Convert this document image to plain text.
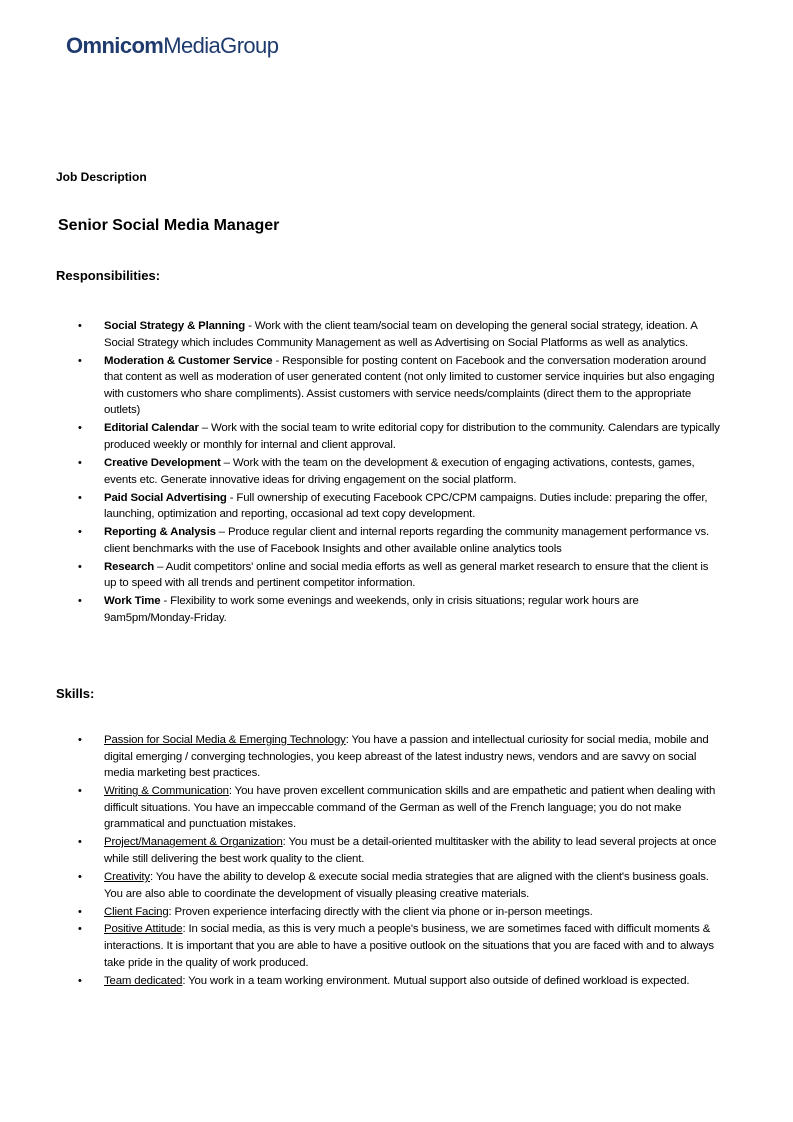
OmnicomMediaGroup
Job Description
Senior Social Media Manager
Responsibilities:
• Social Strategy & Planning - Work with the client team/social team on developing the general social strategy, ideation. A Social Strategy which includes Community Management as well as Advertising on Social Platforms as well as analytics.
• Moderation & Customer Service - Responsible for posting content on Facebook and the conversation moderation around that content as well as moderation of user generated content (not only limited to customer service inquiries but also engaging with customers who share compliments). Assist customers with service needs/complaints (direct them to the appropriate outlets)
• Editorial Calendar – Work with the social team to write editorial copy for distribution to the community. Calendars are typically produced weekly or monthly for internal and client approval.
• Creative Development – Work with the team on the development & execution of engaging activations, contests, games, events etc. Generate innovative ideas for driving engagement on the social platform.
• Paid Social Advertising - Full ownership of executing Facebook CPC/CPM campaigns. Duties include: preparing the offer, launching, optimization and reporting, occasional ad text copy development.
• Reporting & Analysis – Produce regular client and internal reports regarding the community management performance vs. client benchmarks with the use of Facebook Insights and other available online analytics tools
• Research – Audit competitors' online and social media efforts as well as general market research to ensure that the client is up to speed with all trends and pertinent competitor information.
• Work Time - Flexibility to work some evenings and weekends, only in crisis situations; regular work hours are 9am5pm/Monday-Friday.
Skills:
• Passion for Social Media & Emerging Technology: You have a passion and intellectual curiosity for social media, mobile and digital emerging / converging technologies, you keep abreast of the latest industry news, vendors and are savvy on social media marketing best practices.
• Writing & Communication: You have proven excellent communication skills and are empathetic and patient when dealing with difficult situations. You have an impeccable command of the German as well of the French language; you do not make grammatical and punctuation mistakes.
• Project/Management & Organization: You must be a detail-oriented multitasker with the ability to lead several projects at once while still delivering the best work quality to the client.
• Creativity: You have the ability to develop & execute social media strategies that are aligned with the client's business goals. You are also able to coordinate the development of visually pleasing creative materials.
• Client Facing: Proven experience interfacing directly with the client via phone or in-person meetings.
• Positive Attitude: In social media, as this is very much a people's business, we are sometimes faced with difficult moments & interactions. It is important that you are able to have a positive outlook on the situations that you are faced with and to always take pride in the quality of work produced.
• Team dedicated: You work in a team working environment. Mutual support also outside of defined workload is expected.
